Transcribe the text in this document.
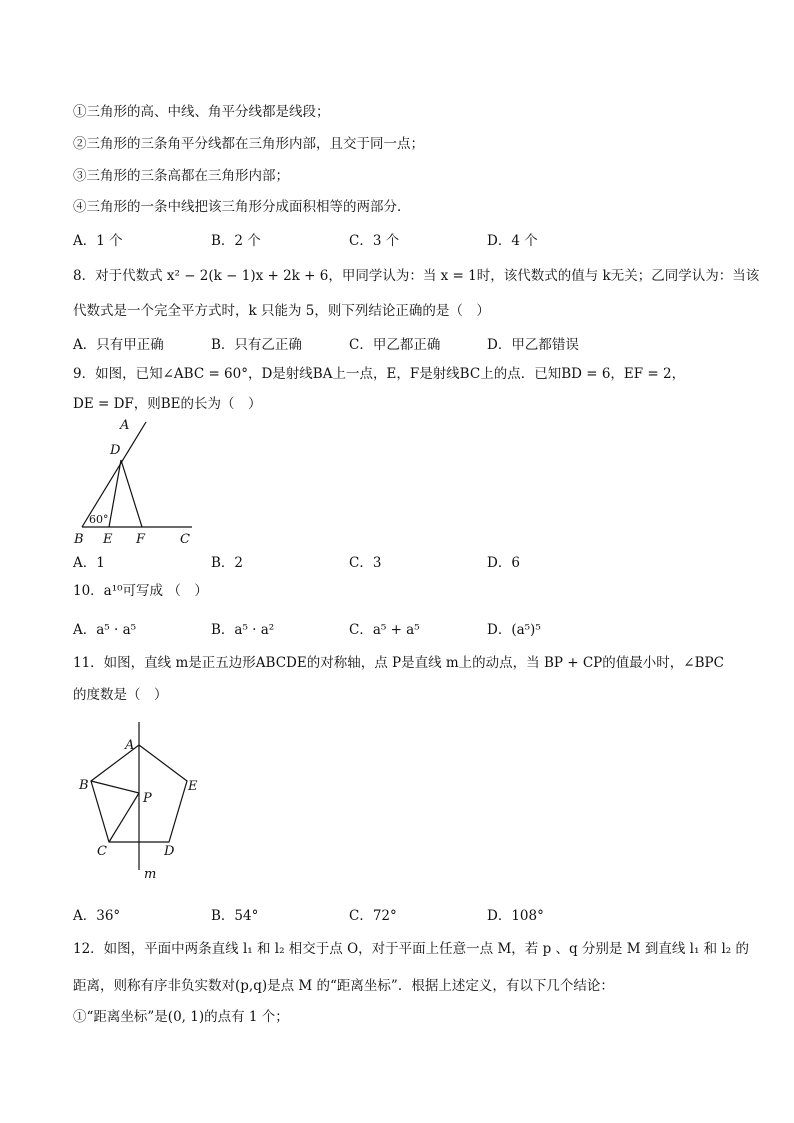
①三角形的高、中线、角平分线都是线段；
②三角形的三条角平分线都在三角形内部，且交于同一点；
③三角形的三条高都在三角形内部；
④三角形的一条中线把该三角形分成面积相等的两部分．
A．1 个	B．2 个	C．3 个	D．4 个
8．对于代数式 x² − 2(k − 1)x + 2k + 6，甲同学认为：当 x = 1时，该代数式的值与 k无关；乙同学认为：当该
代数式是一个完全平方式时，k 只能为 5，则下列结论正确的是（　）
A．只有甲正确	B．只有乙正确	C．甲乙都正确	D．甲乙都错误
9．如图，已知∠ABC = 60°，D是射线BA上一点，E，F是射线BC上的点．已知BD = 6，EF = 2，
DE = DF，则BE的长为（　）
A
D
60°
B E F	C
A．1	B．2	C．3	D．6
10．a¹⁰可写成 （　）
A．a⁵ · a⁵	B．a⁵ · a²	C．a⁵ + a⁵	D．(a⁵)⁵
11．如图，直线 m是正五边形ABCDE的对称轴，点 P是直线 m上的动点，当 BP + CP的值最小时，∠BPC
的度数是（　）
A
B	E
P
C	D
m
A．36°	B．54°	C．72°	D．108°
12．如图，平面中两条直线 l₁ 和 l₂ 相交于点 O，对于平面上任意一点 M，若 p 、q 分别是 M 到直线 l₁ 和 l₂ 的
距离，则称有序非负实数对(p,q)是点 M 的“距离坐标”．根据上述定义，有以下几个结论：
①“距离坐标”是(0, 1)的点有 1 个；
